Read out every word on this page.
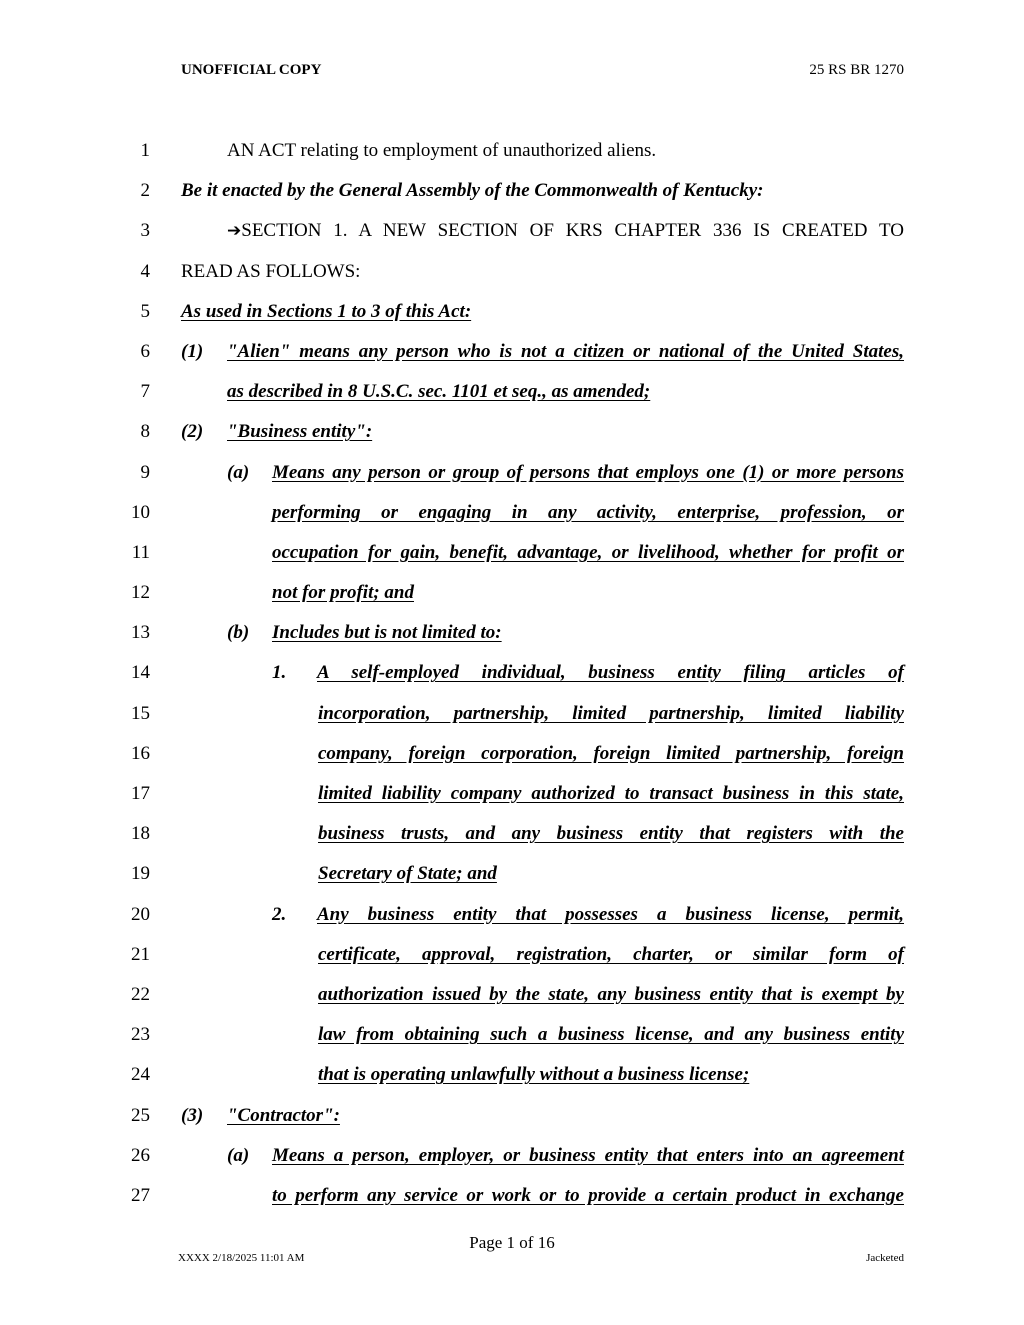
UNOFFICIAL COPY	25 RS BR 1270
1	AN ACT relating to employment of unauthorized aliens.
2 Be it enacted by the General Assembly of the Commonwealth of Kentucky:
3	➔SECTION 1. A NEW SECTION OF KRS CHAPTER 336 IS CREATED TO
4 READ AS FOLLOWS:
5 As used in Sections 1 to 3 of this Act:
6 (1) "Alien" means any person who is not a citizen or national of the United States,
7	as described in 8 U.S.C. sec. 1101 et seq., as amended;
8 (2) "Business entity":
9	(a) Means any person or group of persons that employs one (1) or more persons
10	performing or engaging in any activity, enterprise, profession, or
11	occupation for gain, benefit, advantage, or livelihood, whether for profit or
12	not for profit; and
13	(b) Includes but is not limited to:
14	1. A self-employed individual, business entity filing articles of
15	incorporation, partnership, limited partnership, limited liability
16	company, foreign corporation, foreign limited partnership, foreign
17	limited liability company authorized to transact business in this state,
18	business trusts, and any business entity that registers with the
19	Secretary of State; and
20	2. Any business entity that possesses a business license, permit,
21	certificate, approval, registration, charter, or similar form of
22	authorization issued by the state, any business entity that is exempt by
23	law from obtaining such a business license, and any business entity
24	that is operating unlawfully without a business license;
25 (3) "Contractor":
26	(a) Means a person, employer, or business entity that enters into an agreement
27	to perform any service or work or to provide a certain product in exchange
Page 1 of 16
XXXX 2/18/2025 11:01 AM	Jacketed
